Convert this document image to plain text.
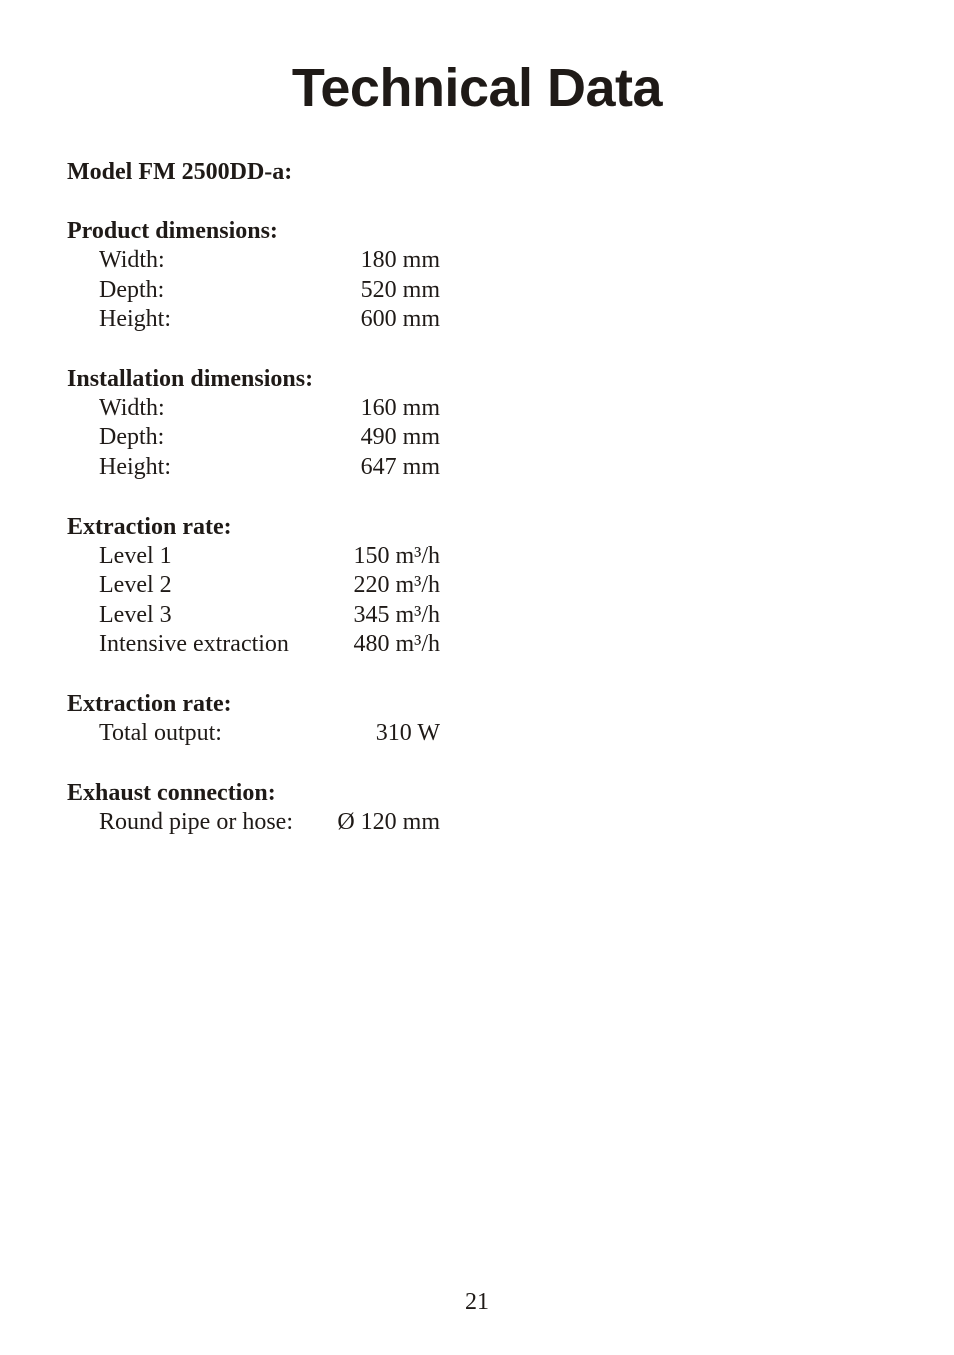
Technical Data
Model FM 2500DD-a:
Product dimensions:
Width:	180 mm
Depth:	520 mm
Height:	600 mm
Installation dimensions:
Width:	160 mm
Depth:	490 mm
Height:	647 mm
Extraction rate:
Level 1	150 m³/h
Level 2	220 m³/h
Level 3	345 m³/h
Intensive extraction	480 m³/h
Extraction rate:
Total output:	310 W
Exhaust connection:
Round pipe or hose: Ø 120 mm
21
